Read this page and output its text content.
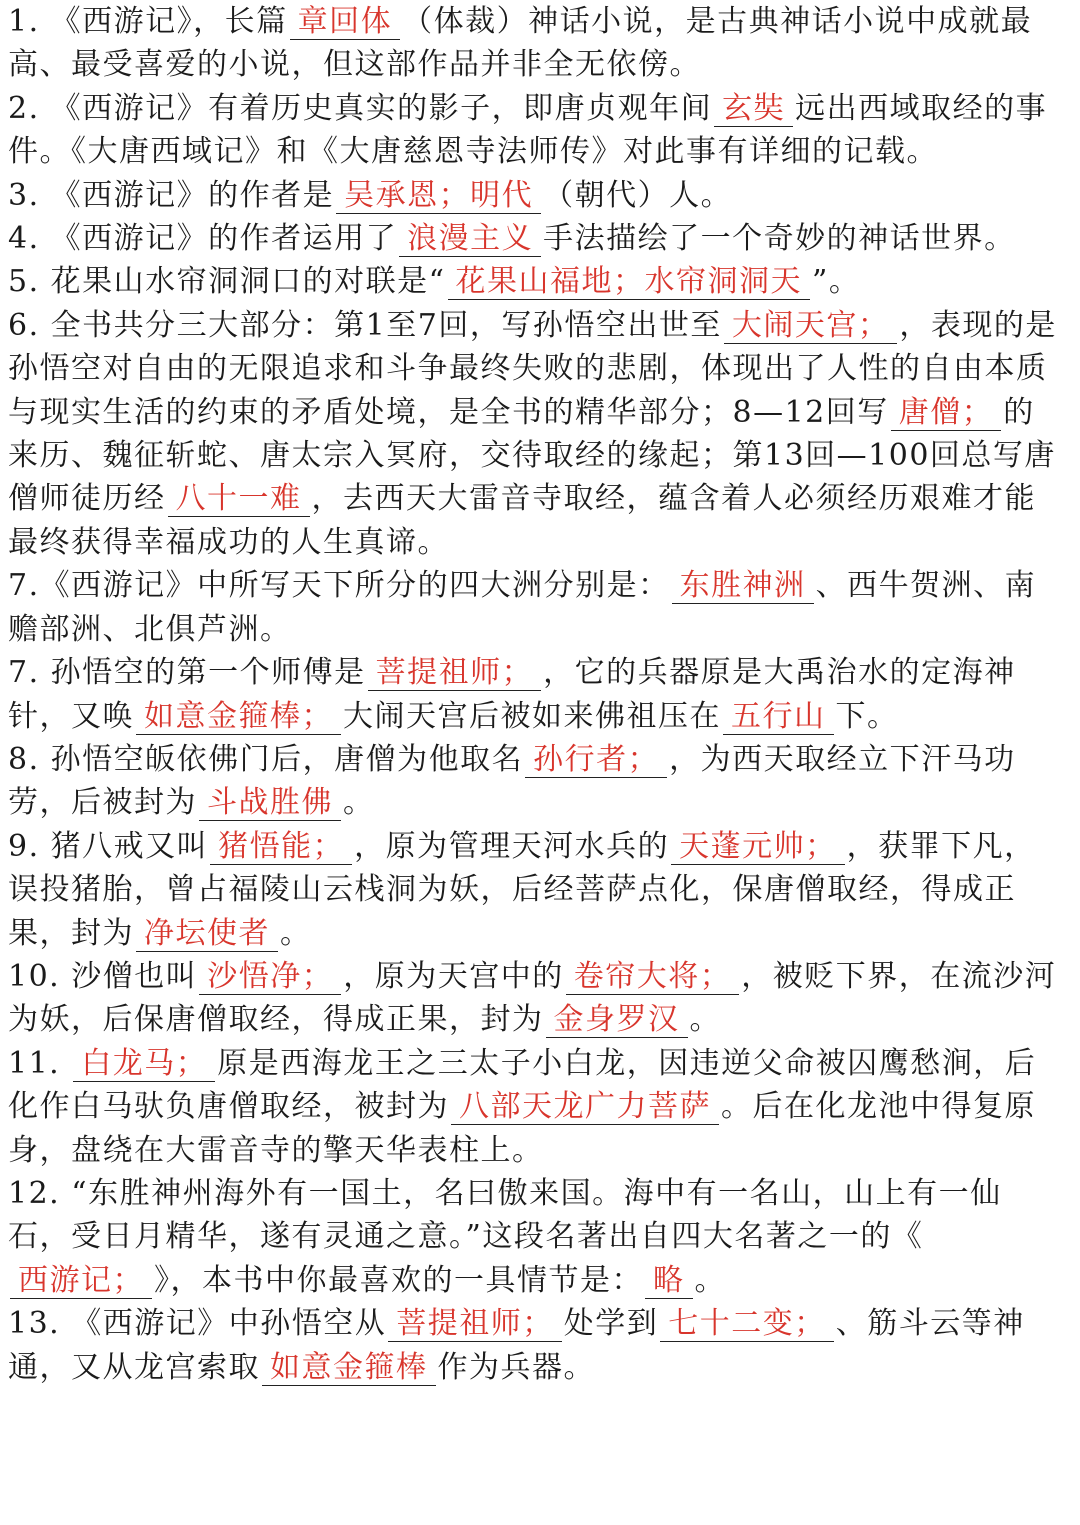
1. 《西游记》，长篇 章回体 （体裁）神话小说，是古典神话小说中成就最高、最受喜爱的小说，但这部作品并非全无依傍。

2. 《西游记》有着历史真实的影子，即唐贞观年间 玄奘 远出西域取经的事件。《大唐西域记》和《大唐慈恩寺法师传》对此事有详细的记载。

3. 《西游记》的作者是 吴承恩；明代 （朝代）人。

4. 《西游记》的作者运用了 浪漫主义 手法描绘了一个奇妙的神话世界。

5. 花果山水帘洞洞口的对联是“ 花果山福地；水帘洞洞天 ”。

6. 全书共分三大部分：第1至7回，写孙悟空出世至 大闹天宫； ，表现的是孙悟空对自由的无限追求和斗争最终失败的悲剧，体现出了人性的自由本质与现实生活的约束的矛盾处境，是全书的精华部分；8—12回写 唐僧； 的来历、魏征斩蛇、唐太宗入冥府，交待取经的缘起；第13回—100回总写唐僧师徒历经 八十一难 ，去西天大雷音寺取经，蕴含着人必须经历艰难才能最终获得幸福成功的人生真谛。

7.《西游记》中所写天下所分的四大洲分别是： 东胜神洲 、西牛贺洲、南赡部洲、北俱芦洲。

7. 孙悟空的第一个师傅是 菩提祖师； ，它的兵器原是大禹治水的定海神针，又唤 如意金箍棒； 大闹天宫后被如来佛祖压在 五行山 下。

8. 孙悟空皈依佛门后，唐僧为他取名 孙行者； ，为西天取经立下汗马功劳，后被封为 斗战胜佛 。

9. 猪八戒又叫 猪悟能； ，原为管理天河水兵的 天蓬元帅； ，获罪下凡，误投猪胎，曾占福陵山云栈洞为妖，后经菩萨点化，保唐僧取经，得成正果，封为 净坛使者 。

10. 沙僧也叫 沙悟净； ，原为天宫中的 卷帘大将； ，被贬下界，在流沙河为妖，后保唐僧取经，得成正果，封为 金身罗汉 。

11. 白龙马； 原是西海龙王之三太子小白龙，因违逆父命被囚鹰愁涧，后化作白马驮负唐僧取经，被封为 八部天龙广力菩萨 。后在化龙池中得复原身，盘绕在大雷音寺的擎天华表柱上。

12. “东胜神州海外有一国土，名曰傲来国。海中有一名山，山上有一仙石，受日月精华，遂有灵通之意。”这段名著出自四大名著之一的《西游记； 》，本书中你最喜欢的一具情节是： 略 。

13. 《西游记》中孙悟空从 菩提祖师； 处学到 七十二变； 、筋斗云等神通，又从龙宫索取 如意金箍棒 作为兵器。
